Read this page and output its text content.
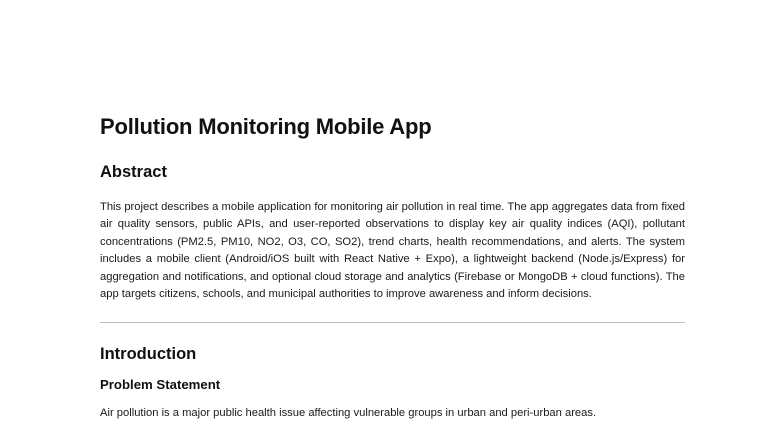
Pollution Monitoring Mobile App
Abstract

This project describes a mobile application for monitoring air pollution in real time. The app aggregates data from fixed air quality sensors, public APIs, and user-reported observations to display key air quality indices (AQI), pollutant concentrations (PM2.5, PM10, NO2, O3, CO, SO2), trend charts, health recommendations, and alerts. The system includes a mobile client (Android/iOS built with React Native + Expo), a lightweight backend (Node.js/Express) for aggregation and notifications, and optional cloud storage and analytics (Firebase or MongoDB + cloud functions). The app targets citizens, schools, and municipal authorities to improve awareness and inform decisions.

Introduction
Problem Statement

Air pollution is a major public health issue affecting vulnerable groups in urban and peri-urban areas.
